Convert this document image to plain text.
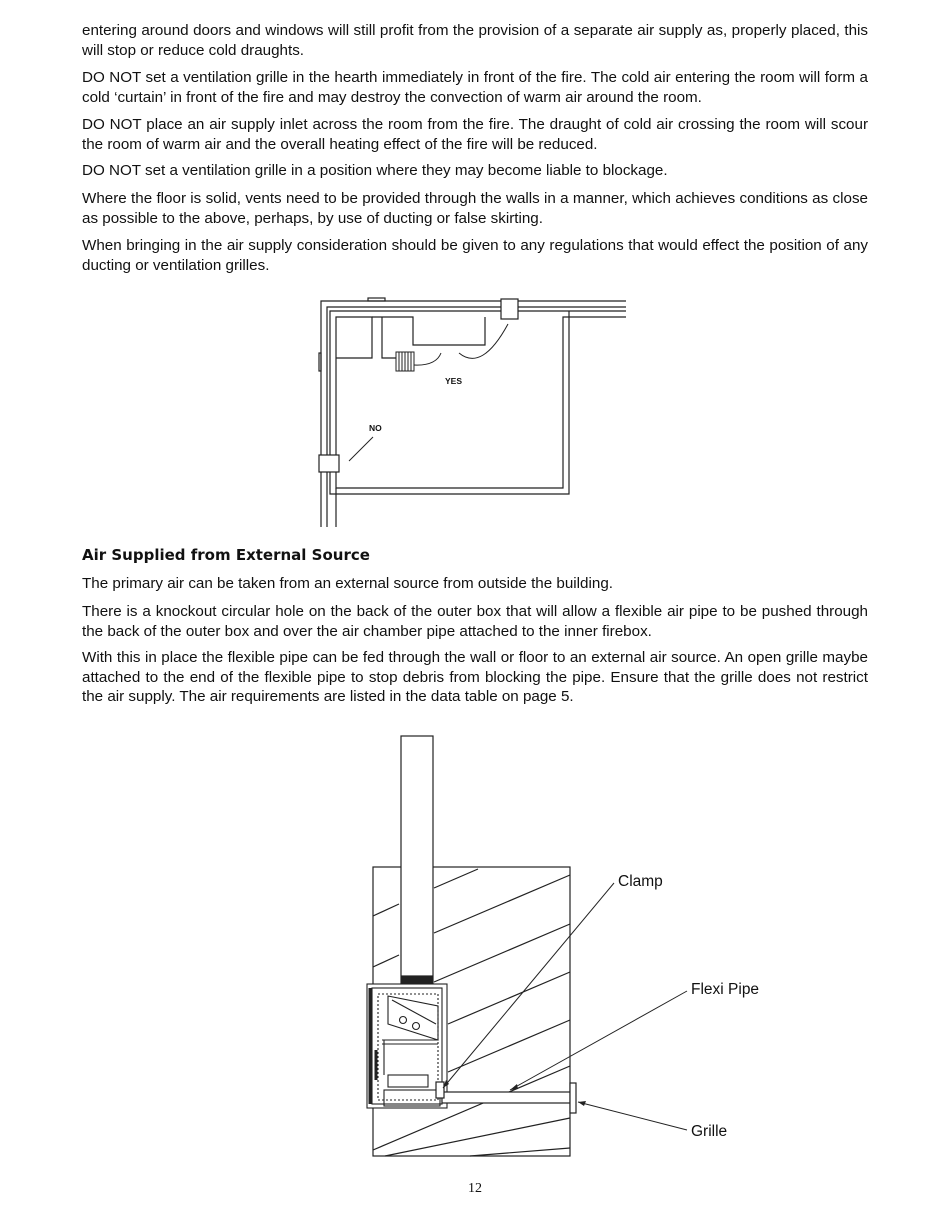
entering around doors and windows will still profit from the provision of a separate air supply as, properly placed, this will stop or reduce cold draughts.

DO NOT set a ventilation grille in the hearth immediately in front of the fire. The cold air entering the room will form a cold ‘curtain’ in front of the fire and may destroy the convection of warm air around the room.

DO NOT place an air supply inlet across the room from the fire. The draught of cold air crossing the room will scour the room of warm air and the overall heating effect of the fire will be reduced.

DO NOT set a ventilation grille in a position where they may become liable to blockage.

Where the floor is solid, vents need to be provided through the walls in a manner, which achieves conditions as close as possible to the above, perhaps, by use of ducting or false skirting.

When bringing in the air supply consideration should be given to any regulations that would effect the position of any ducting or ventilation grilles.

YES
NO
Air Supplied from External Source

The primary air can be taken from an external source from outside the building.

There is a knockout circular hole on the back of the outer box that will allow a flexible air pipe to be pushed through the back of the outer box and over the air chamber pipe attached to the inner firebox.

With this in place the flexible pipe can be fed through the wall or floor to an external air source. An open grille maybe attached to the end of the flexible pipe to stop debris from blocking the pipe. Ensure that the grille does not restrict the air supply. The air requirements are listed in the data table on page 5.

Clamp
Flexi Pipe
Grille
12
